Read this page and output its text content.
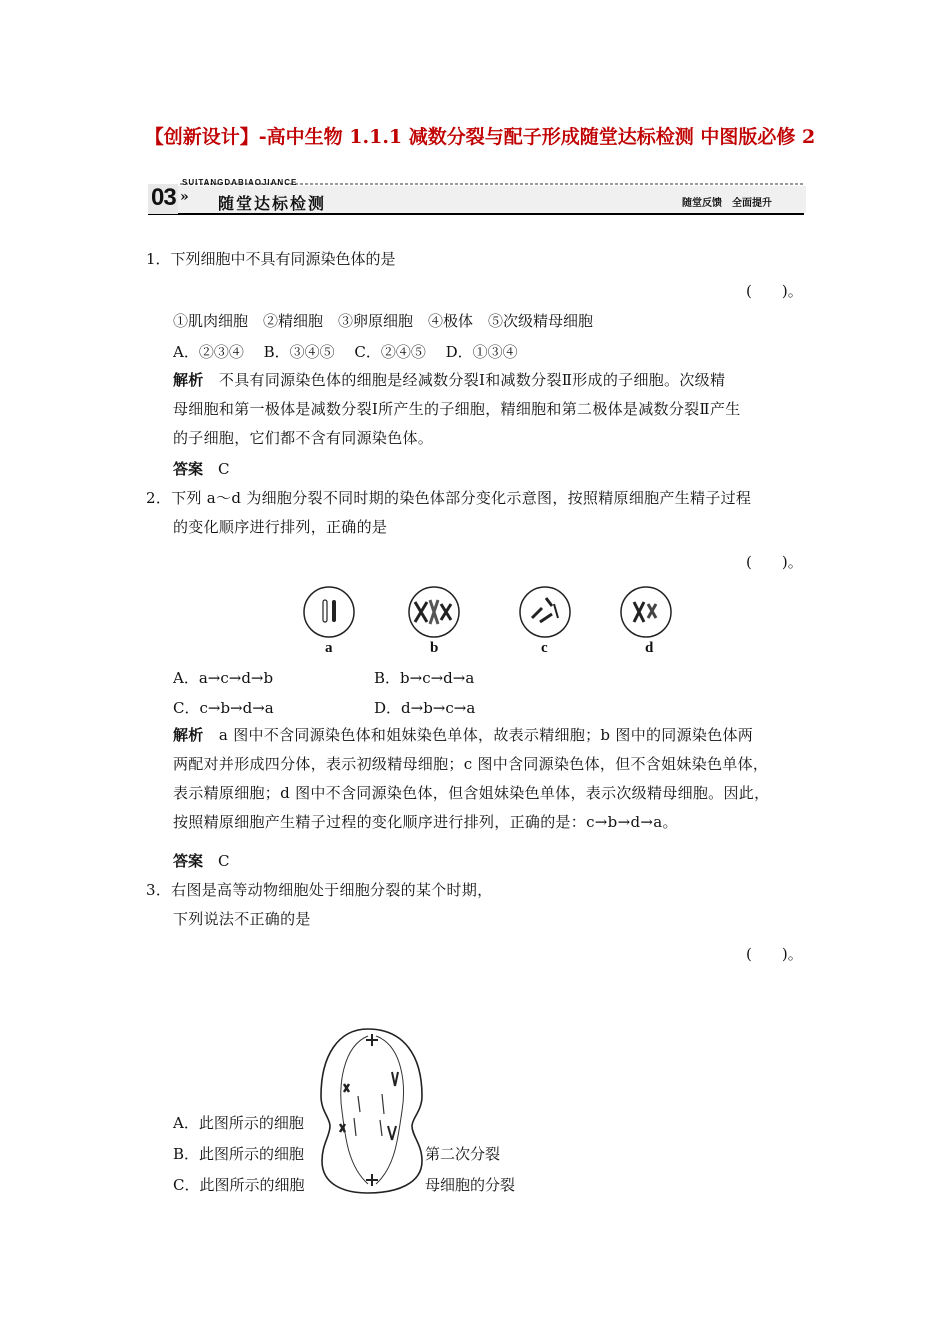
【创新设计】-高中生物 1.1.1 减数分裂与配子形成随堂达标检测 中图版必修 2
03
SUITANGDABIAOJIANCE
» 随堂达标检测	随堂反馈　全面提升
1．下列细胞中不具有同源染色体的是
(　　)。
①肌肉细胞　②精细胞　③卵原细胞　④极体　⑤次级精母细胞
A．②③④　 B．③④⑤　 C．②④⑤　 D．①③④
解析　 不具有同源染色体的细胞是经减数分裂Ⅰ和减数分裂Ⅱ形成的子细胞。次级精
母细胞和第一极体是减数分裂Ⅰ所产生的子细胞，精细胞和第二极体是减数分裂Ⅱ产生
的子细胞，它们都不含有同源染色体。
答案　 C
2．下列 a～d 为细胞分裂不同时期的染色体部分变化示意图，按照精原细胞产生精子过程
的变化顺序进行排列，正确的是
(　　)。
a	b	c	d
A．a→c→d→b	B．b→c→d→a
C．c→b→d→a	D．d→b→c→a
解析　 a 图中不含同源染色体和姐妹染色单体，故表示精细胞；b 图中的同源染色体两
两配对并形成四分体，表示初级精母细胞；c 图中含同源染色体，但不含姐妹染色单体，
表示精原细胞；d 图中不含同源染色体，但含姐妹染色单体，表示次级精母细胞。因此，
按照精原细胞产生精子过程的变化顺序进行排列，正确的是：c→b→d→a。
答案　 C
3．右图是高等动物细胞处于细胞分裂的某个时期，
下列说法不正确的是
(　　)。
A．此图所示的细胞
B．此图所示的细胞	第二次分裂
C．此图所示的细胞	母细胞的分裂
